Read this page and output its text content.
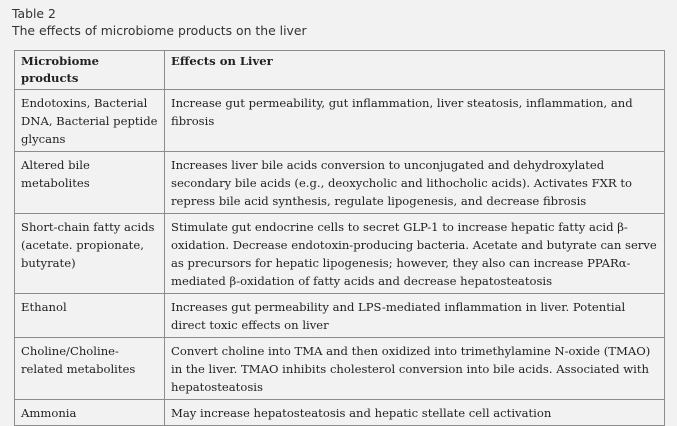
Table 2
The effects of microbiome products on the liver
Microbiome products	Effects on Liver
Endotoxins, Bacterial DNA, Bacterial peptide glycans	Increase gut permeability, gut inflammation, liver steatosis, inflammation, and fibrosis
Altered bile metabolites	Increases liver bile acids conversion to unconjugated and dehydroxylated secondary bile acids (e.g., deoxycholic and lithocholic acids). Activates FXR to repress bile acid synthesis, regulate lipogenesis, and decrease fibrosis
Short-chain fatty acids (acetate. propionate, butyrate)	Stimulate gut endocrine cells to secret GLP-1 to increase hepatic fatty acid β-oxidation. Decrease endotoxin-producing bacteria. Acetate and butyrate can serve as precursors for hepatic lipogenesis; however, they also can increase PPARα-mediated β-oxidation of fatty acids and decrease hepatosteatosis
Ethanol	Increases gut permeability and LPS-mediated inflammation in liver. Potential direct toxic effects on liver
Choline/Choline-related metabolites	Convert choline into TMA and then oxidized into trimethylamine N-oxide (TMAO) in the liver. TMAO inhibits cholesterol conversion into bile acids. Associated with hepatosteatosis
Ammonia	May increase hepatosteatosis and hepatic stellate cell activation
